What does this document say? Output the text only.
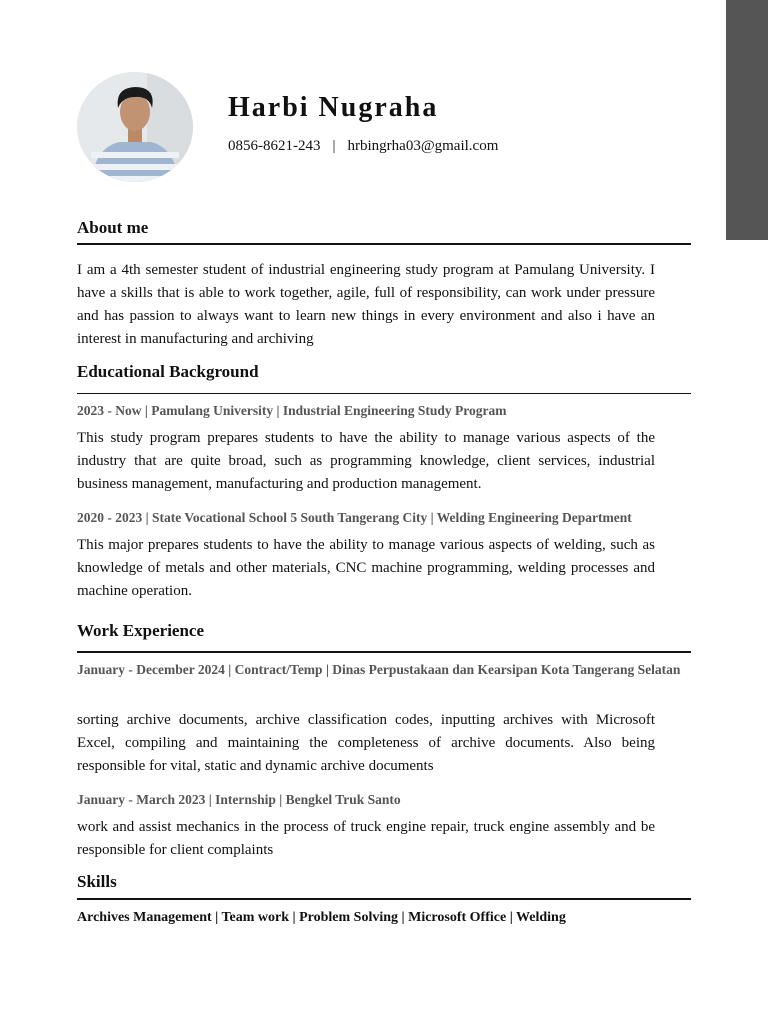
Harbi Nugraha
0856-8621-243 | hrbingrha03@gmail.com
About me

I am a 4th semester student of industrial engineering study program at Pamulang University. I have a skills that is able to work together, agile, full of responsibility, can work under pressure and has passion to always want to learn new things in every environment and also i have an interest in manufacturing and archiving

Educational Background

2023 - Now | Pamulang University | Industrial Engineering Study Program

This study program prepares students to have the ability to manage various aspects of the industry that are quite broad, such as programming knowledge, client services, industrial business management, manufacturing and production management.

2020 - 2023 | State Vocational School 5 South Tangerang City | Welding Engineering Department

This major prepares students to have the ability to manage various aspects of welding, such as knowledge of metals and other materials, CNC machine programming, welding processes and machine operation.

Work Experience

January - December 2024 | Contract/Temp | Dinas Perpustakaan dan Kearsipan Kota Tangerang Selatan

sorting archive documents, archive classification codes, inputting archives with Microsoft Excel, compiling and maintaining the completeness of archive documents. Also being responsible for vital, static and dynamic archive documents

January - March 2023 | Internship | Bengkel Truk Santo

work and assist mechanics in the process of truck engine repair, truck engine assembly and be responsible for client complaints

Skills

Archives Management | Team work | Problem Solving | Microsoft Office | Welding
